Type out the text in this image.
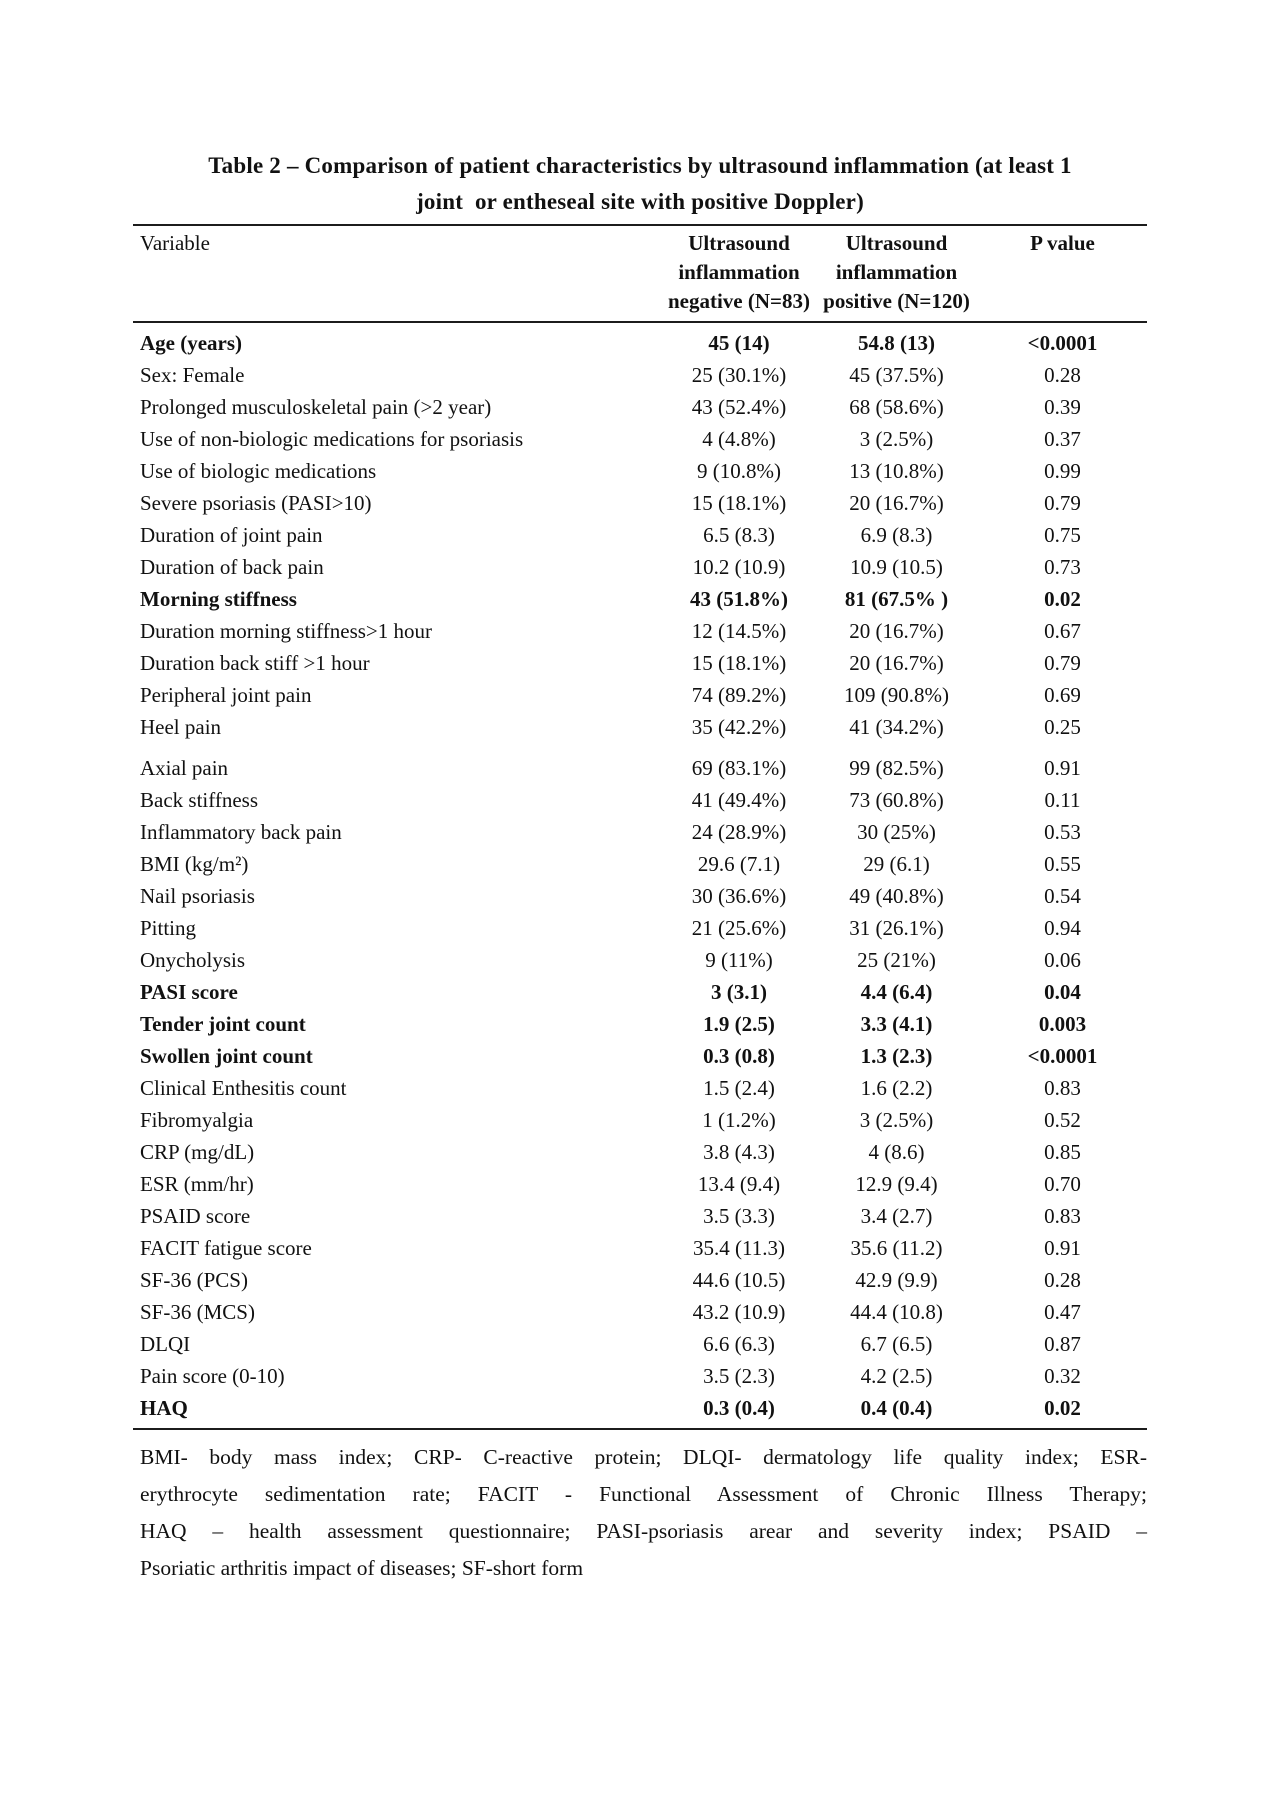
Table 2 – Comparison of patient characteristics by ultrasound inflammation (at least 1
joint  or entheseal site with positive Doppler)
Variable	Ultrasound inflammation negative (N=83)	Ultrasound inflammation positive (N=120)	P value
Age (years)	45 (14)	54.8 (13)	<0.0001
Sex: Female	25 (30.1%)	45 (37.5%)	0.28
Prolonged musculoskeletal pain (>2 year)	43 (52.4%)	68 (58.6%)	0.39
Use of non-biologic medications for psoriasis	4 (4.8%)	3 (2.5%)	0.37
Use of biologic medications	9 (10.8%)	13 (10.8%)	0.99
Severe psoriasis (PASI>10)	15 (18.1%)	20 (16.7%)	0.79
Duration of joint pain	6.5 (8.3)	6.9 (8.3)	0.75
Duration of back pain	10.2 (10.9)	10.9 (10.5)	0.73
Morning stiffness	43 (51.8%)	81 (67.5% )	0.02
Duration morning stiffness>1 hour	12 (14.5%)	20 (16.7%)	0.67
Duration back stiff >1 hour	15 (18.1%)	20 (16.7%)	0.79
Peripheral joint pain	74 (89.2%)	109 (90.8%)	0.69
Heel pain	35 (42.2%)	41 (34.2%)	0.25
Axial pain	69 (83.1%)	99 (82.5%)	0.91
Back stiffness	41 (49.4%)	73 (60.8%)	0.11
Inflammatory back pain	24 (28.9%)	30 (25%)	0.53
BMI (kg/m²)	29.6 (7.1)	29 (6.1)	0.55
Nail psoriasis	30 (36.6%)	49 (40.8%)	0.54
Pitting	21 (25.6%)	31 (26.1%)	0.94
Onycholysis	9 (11%)	25 (21%)	0.06
PASI score	3 (3.1)	4.4 (6.4)	0.04
Tender joint count	1.9 (2.5)	3.3 (4.1)	0.003
Swollen joint count	0.3 (0.8)	1.3 (2.3)	<0.0001
Clinical Enthesitis count	1.5 (2.4)	1.6 (2.2)	0.83
Fibromyalgia	1 (1.2%)	3 (2.5%)	0.52
CRP (mg/dL)	3.8 (4.3)	4 (8.6)	0.85
ESR (mm/hr)	13.4 (9.4)	12.9 (9.4)	0.70
PSAID score	3.5 (3.3)	3.4 (2.7)	0.83
FACIT fatigue score	35.4 (11.3)	35.6 (11.2)	0.91
SF-36 (PCS)	44.6 (10.5)	42.9 (9.9)	0.28
SF-36 (MCS)	43.2 (10.9)	44.4 (10.8)	0.47
DLQI	6.6 (6.3)	6.7 (6.5)	0.87
Pain score (0-10)	3.5 (2.3)	4.2 (2.5)	0.32
HAQ	0.3 (0.4)	0.4 (0.4)	0.02
BMI- body mass index; CRP- C-reactive protein; DLQI- dermatology life quality index; ESR-
erythrocyte sedimentation rate; FACIT - Functional Assessment of Chronic Illness Therapy;
HAQ – health assessment questionnaire; PASI-psoriasis arear and severity index; PSAID –
Psoriatic arthritis impact of diseases; SF-short form
